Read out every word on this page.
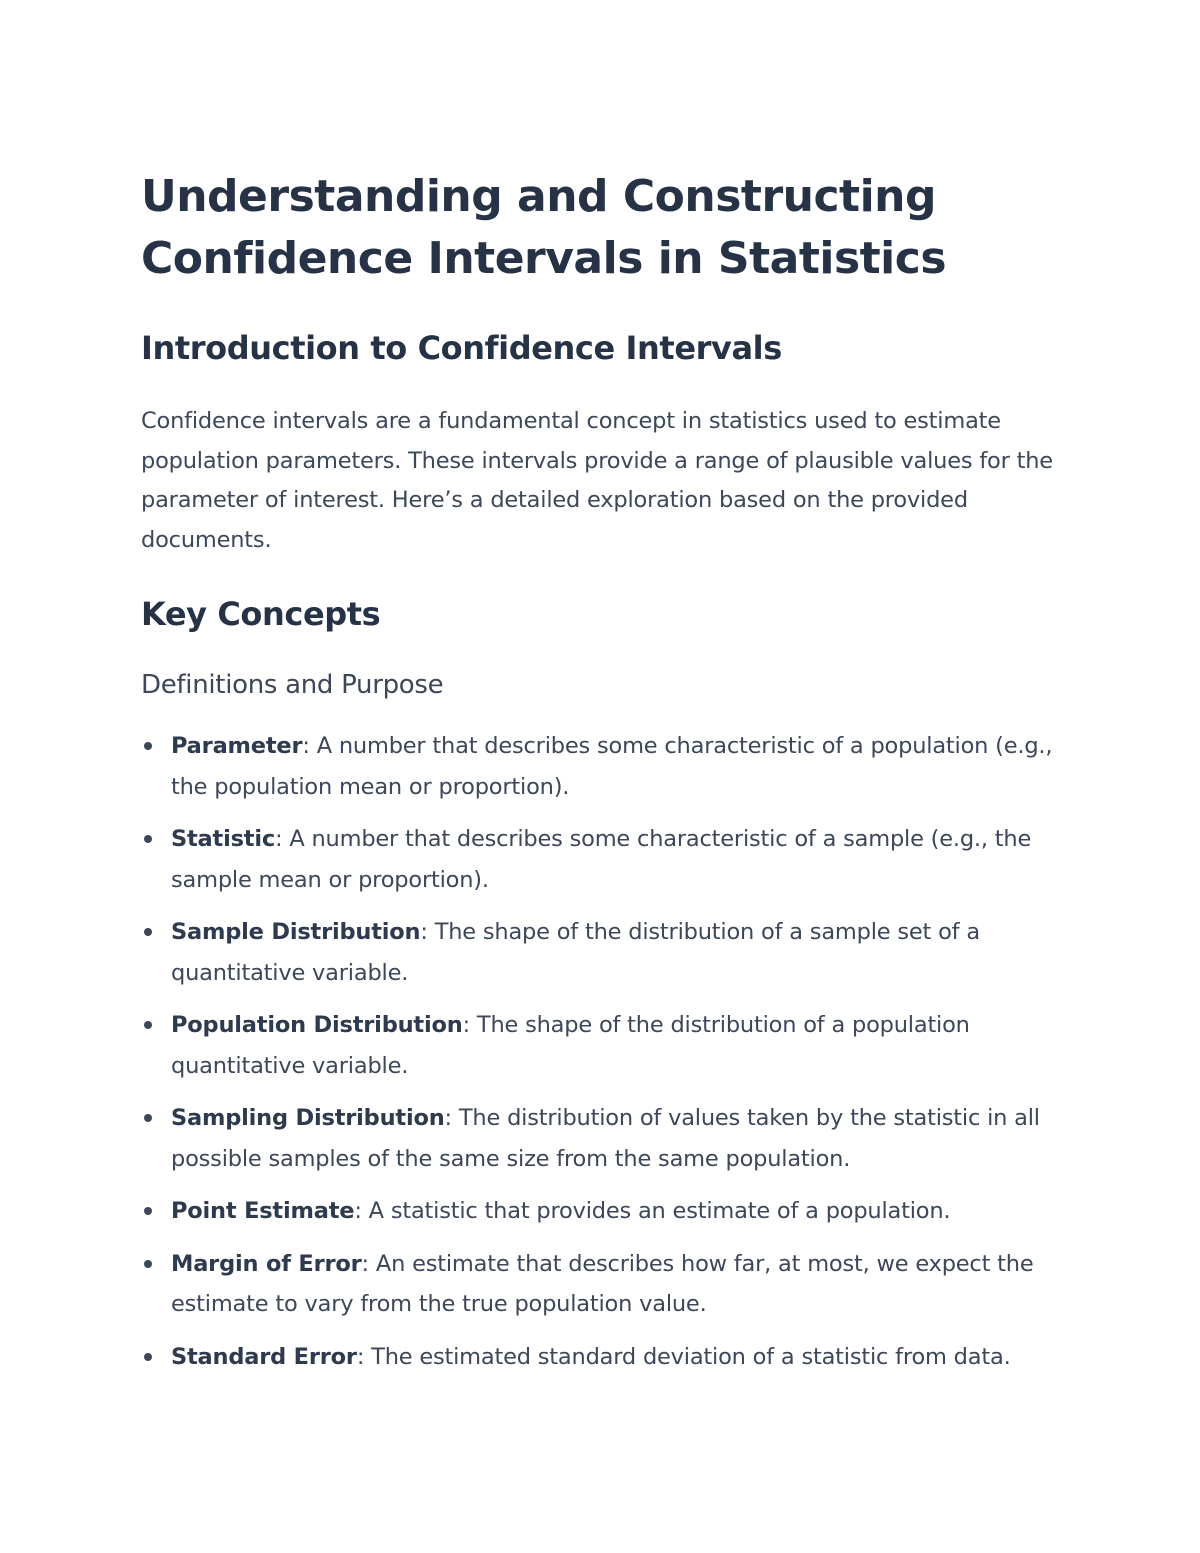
Understanding and Constructing
Confidence Intervals in Statistics
Introduction to Confidence Intervals

Confidence intervals are a fundamental concept in statistics used to estimate population parameters. These intervals provide a range of plausible values for the parameter of interest. Here’s a detailed exploration based on the provided documents.

Key Concepts
Definitions and Purpose
Parameter: A number that describes some characteristic of a population (e.g., the population mean or proportion).
Statistic: A number that describes some characteristic of a sample (e.g., the sample mean or proportion).
Sample Distribution: The shape of the distribution of a sample set of a quantitative variable.
Population Distribution: The shape of the distribution of a population quantitative variable.
Sampling Distribution: The distribution of values taken by the statistic in all possible samples of the same size from the same population.
Point Estimate: A statistic that provides an estimate of a population.
Margin of Error: An estimate that describes how far, at most, we expect the estimate to vary from the true population value.
Standard Error: The estimated standard deviation of a statistic from data.
